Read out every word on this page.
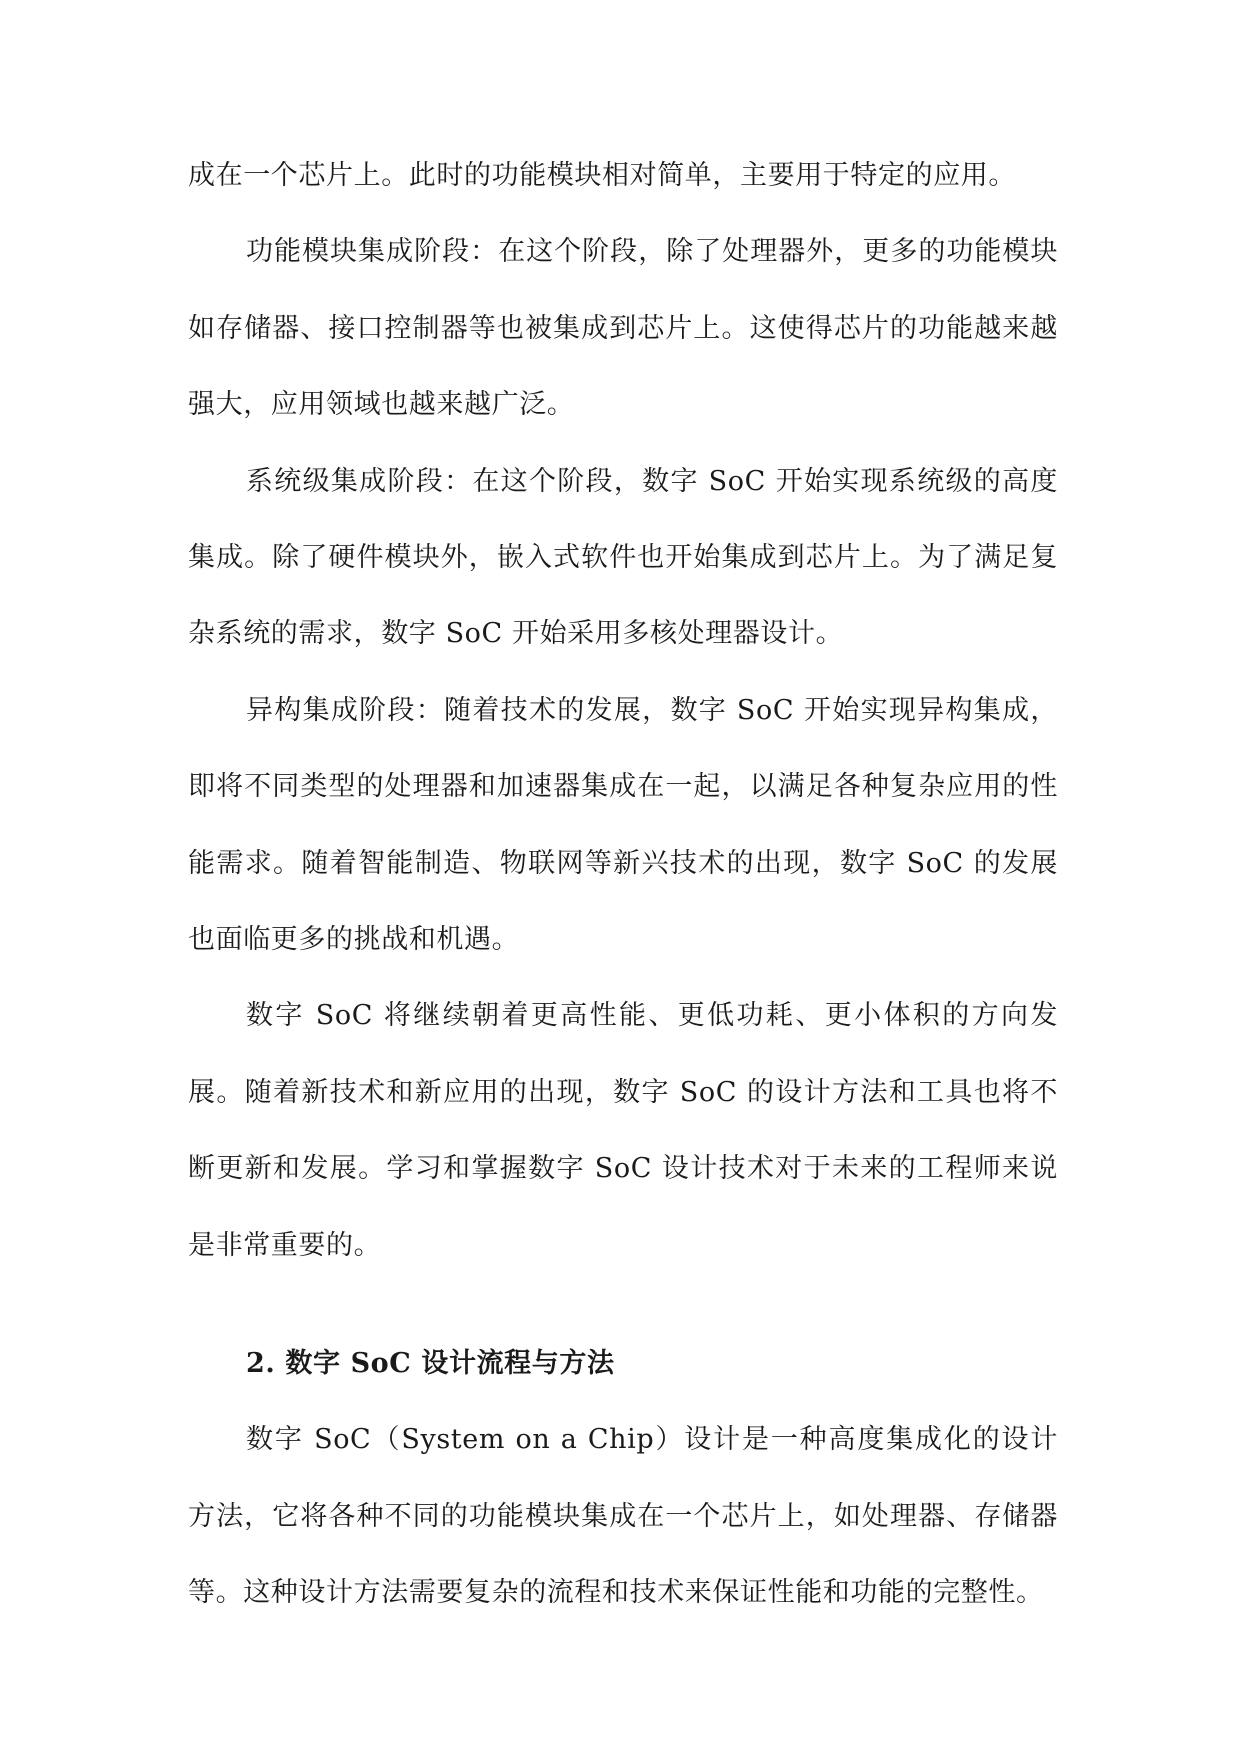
成在一个芯片上。此时的功能模块相对简单，主要用于特定的应用。

功能模块集成阶段：在这个阶段，除了处理器外，更多的功能模块如存储器、接口控制器等也被集成到芯片上。这使得芯片的功能越来越强大，应用领域也越来越广泛。

系统级集成阶段：在这个阶段，数字 SoC 开始实现系统级的高度集成。除了硬件模块外，嵌入式软件也开始集成到芯片上。为了满足复杂系统的需求，数字 SoC 开始采用多核处理器设计。

异构集成阶段：随着技术的发展，数字 SoC 开始实现异构集成，即将不同类型的处理器和加速器集成在一起，以满足各种复杂应用的性能需求。随着智能制造、物联网等新兴技术的出现，数字 SoC 的发展也面临更多的挑战和机遇。

数字 SoC 将继续朝着更高性能、更低功耗、更小体积的方向发展。随着新技术和新应用的出现，数字 SoC 的设计方法和工具也将不断更新和发展。学习和掌握数字 SoC 设计技术对于未来的工程师来说是非常重要的。

2. 数字 SoC 设计流程与方法

数字 SoC（System on a Chip）设计是一种高度集成化的设计方法，它将各种不同的功能模块集成在一个芯片上，如处理器、存储器等。这种设计方法需要复杂的流程和技术来保证性能和功能的完整性。
